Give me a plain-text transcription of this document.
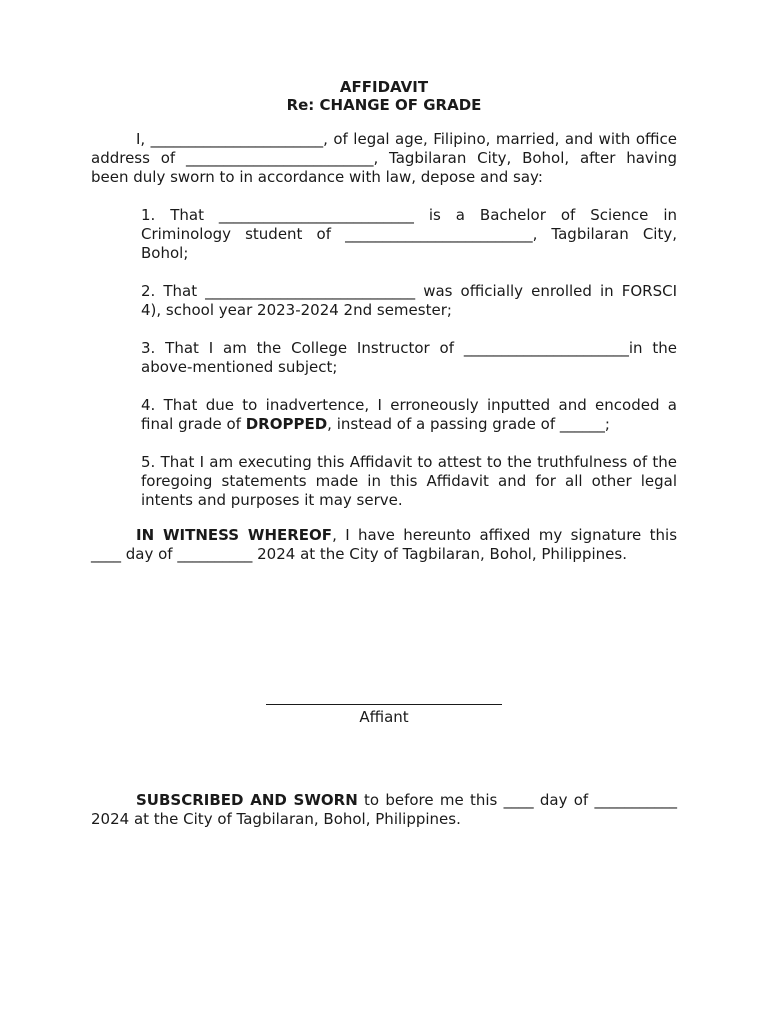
AFFIDAVIT
Re: CHANGE OF GRADE

I, _______________________, of legal age, Filipino, married, and with office address of _________________________, Tagbilaran City, Bohol, after having been duly sworn to in accordance with law, depose and say:

1. That __________________________ is a Bachelor of Science in Criminology student of _________________________, Tagbilaran City, Bohol;

2. That ____________________________ was officially enrolled in FORSCI 4), school year 2023-2024 2nd semester;

3. That I am the College Instructor of ______________________in the above-mentioned subject;

4. That due to inadvertence, I erroneously inputted and encoded a final grade of DROPPED, instead of a passing grade of ______;

5. That I am executing this Affidavit to attest to the truthfulness of the foregoing statements made in this Affidavit and for all other legal intents and purposes it may serve.

IN WITNESS WHEREOF, I have hereunto affixed my signature this ____ day of __________ 2024 at the City of Tagbilaran, Bohol, Philippines.

Affiant

SUBSCRIBED AND SWORN to before me this ____ day of ___________ 2024 at the City of Tagbilaran, Bohol, Philippines.
